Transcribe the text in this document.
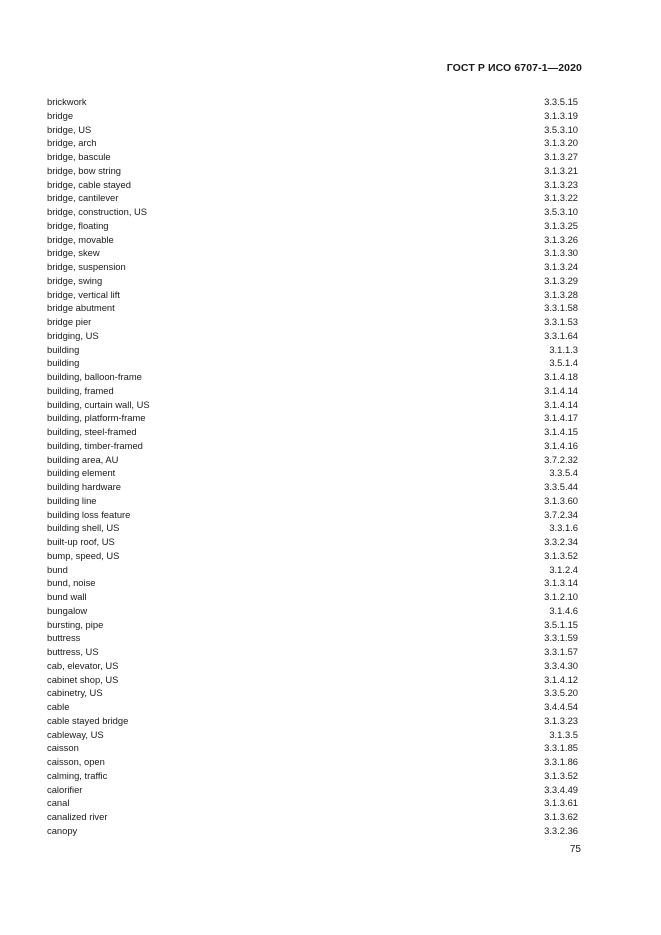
ГОСТ Р ИСО 6707-1—2020
brickwork	3.3.5.15
bridge	3.1.3.19
bridge, US	3.5.3.10
bridge, arch	3.1.3.20
bridge, bascule	3.1.3.27
bridge, bow string	3.1.3.21
bridge, cable stayed	3.1.3.23
bridge, cantilever	3.1.3.22
bridge, construction, US	3.5.3.10
bridge, floating	3.1.3.25
bridge, movable	3.1.3.26
bridge, skew	3.1.3.30
bridge, suspension	3.1.3.24
bridge, swing	3.1.3.29
bridge, vertical lift	3.1.3.28
bridge abutment	3.3.1.58
bridge pier	3.3.1.53
bridging, US	3.3.1.64
building	3.1.1.3
building	3.5.1.4
building, balloon-frame	3.1.4.18
building, framed	3.1.4.14
building, curtain wall, US	3.1.4.14
building, platform-frame	3.1.4.17
building, steel-framed	3.1.4.15
building, timber-framed	3.1.4.16
building area, AU	3.7.2.32
building element	3.3.5.4
building hardware	3.3.5.44
building line	3.1.3.60
building loss feature	3.7.2.34
building shell, US	3.3.1.6
built-up roof, US	3.3.2.34
bump, speed, US	3.1.3.52
bund	3.1.2.4
bund, noise	3.1.3.14
bund wall	3.1.2.10
bungalow	3.1.4.6
bursting, pipe	3.5.1.15
buttress	3.3.1.59
buttress, US	3.3.1.57
cab, elevator, US	3.3.4.30
cabinet shop, US	3.1.4.12
cabinetry, US	3.3.5.20
cable	3.4.4.54
cable stayed bridge	3.1.3.23
cableway, US	3.1.3.5
caisson	3.3.1.85
caisson, open	3.3.1.86
calming, traffic	3.1.3.52
calorifier	3.3.4.49
canal	3.1.3.61
canalized river	3.1.3.62
canopy	3.3.2.36
75
